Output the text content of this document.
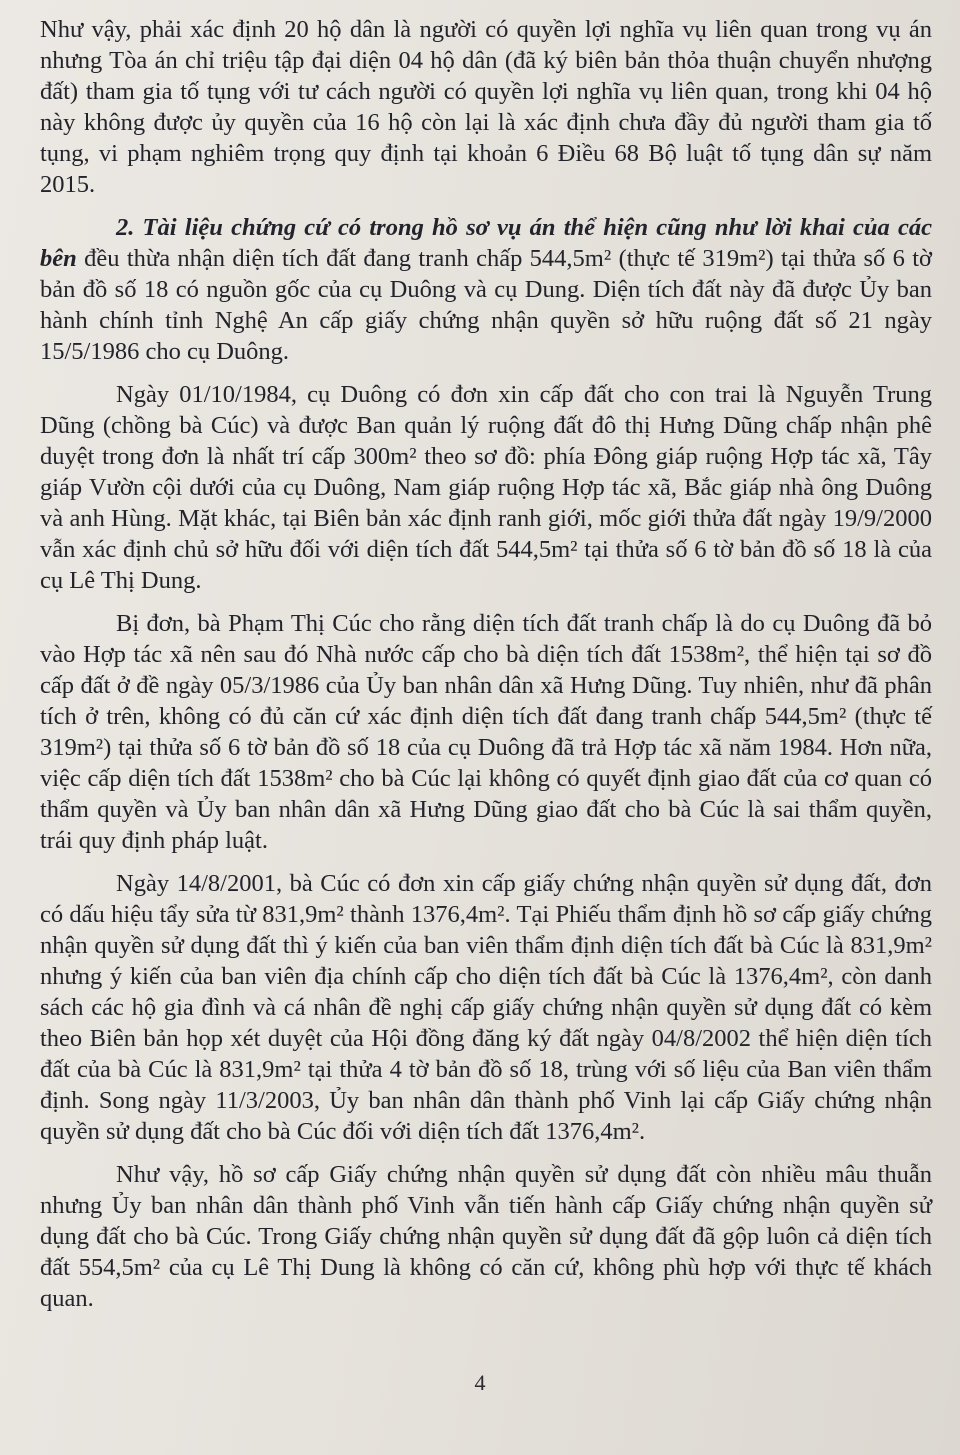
Như vậy, phải xác định 20 hộ dân là người có quyền lợi nghĩa vụ liên quan trong vụ án nhưng Tòa án chỉ triệu tập đại diện 04 hộ dân (đã ký biên bản thỏa thuận chuyển nhượng đất) tham gia tố tụng với tư cách người có quyền lợi nghĩa vụ liên quan, trong khi 04 hộ này không được ủy quyền của 16 hộ còn lại là xác định chưa đầy đủ người tham gia tố tụng, vi phạm nghiêm trọng quy định tại khoản 6 Điều 68 Bộ luật tố tụng dân sự năm 2015.

2. Tài liệu chứng cứ có trong hồ sơ vụ án thể hiện cũng như lời khai của các bên đều thừa nhận diện tích đất đang tranh chấp 544,5m² (thực tế 319m²) tại thửa số 6 tờ bản đồ số 18 có nguồn gốc của cụ Duông và cụ Dung. Diện tích đất này đã được Ủy ban hành chính tỉnh Nghệ An cấp giấy chứng nhận quyền sở hữu ruộng đất số 21 ngày 15/5/1986 cho cụ Duông.

Ngày 01/10/1984, cụ Duông có đơn xin cấp đất cho con trai là Nguyễn Trung Dũng (chồng bà Cúc) và được Ban quản lý ruộng đất đô thị Hưng Dũng chấp nhận phê duyệt trong đơn là nhất trí cấp 300m² theo sơ đồ: phía Đông giáp ruộng Hợp tác xã, Tây giáp Vườn cội dưới của cụ Duông, Nam giáp ruộng Hợp tác xã, Bắc giáp nhà ông Duông và anh Hùng. Mặt khác, tại Biên bản xác định ranh giới, mốc giới thửa đất ngày 19/9/2000 vẫn xác định chủ sở hữu đối với diện tích đất 544,5m² tại thửa số 6 tờ bản đồ số 18 là của cụ Lê Thị Dung.

Bị đơn, bà Phạm Thị Cúc cho rằng diện tích đất tranh chấp là do cụ Duông đã bỏ vào Hợp tác xã nên sau đó Nhà nước cấp cho bà diện tích đất 1538m², thể hiện tại sơ đồ cấp đất ở đề ngày 05/3/1986 của Ủy ban nhân dân xã Hưng Dũng. Tuy nhiên, như đã phân tích ở trên, không có đủ căn cứ xác định diện tích đất đang tranh chấp 544,5m² (thực tế 319m²) tại thửa số 6 tờ bản đồ số 18 của cụ Duông đã trả Hợp tác xã năm 1984. Hơn nữa, việc cấp diện tích đất 1538m² cho bà Cúc lại không có quyết định giao đất của cơ quan có thẩm quyền và Ủy ban nhân dân xã Hưng Dũng giao đất cho bà Cúc là sai thẩm quyền, trái quy định pháp luật.

Ngày 14/8/2001, bà Cúc có đơn xin cấp giấy chứng nhận quyền sử dụng đất, đơn có dấu hiệu tẩy sửa từ 831,9m² thành 1376,4m². Tại Phiếu thẩm định hồ sơ cấp giấy chứng nhận quyền sử dụng đất thì ý kiến của ban viên thẩm định diện tích đất bà Cúc là 831,9m² nhưng ý kiến của ban viên địa chính cấp cho diện tích đất bà Cúc là 1376,4m², còn danh sách các hộ gia đình và cá nhân đề nghị cấp giấy chứng nhận quyền sử dụng đất có kèm theo Biên bản họp xét duyệt của Hội đồng đăng ký đất ngày 04/8/2002 thể hiện diện tích đất của bà Cúc là 831,9m² tại thửa 4 tờ bản đồ số 18, trùng với số liệu của Ban viên thẩm định. Song ngày 11/3/2003, Ủy ban nhân dân thành phố Vinh lại cấp Giấy chứng nhận quyền sử dụng đất cho bà Cúc đối với diện tích đất 1376,4m².

Như vậy, hồ sơ cấp Giấy chứng nhận quyền sử dụng đất còn nhiều mâu thuẫn nhưng Ủy ban nhân dân thành phố Vinh vẫn tiến hành cấp Giấy chứng nhận quyền sử dụng đất cho bà Cúc. Trong Giấy chứng nhận quyền sử dụng đất đã gộp luôn cả diện tích đất 554,5m² của cụ Lê Thị Dung là không có căn cứ, không phù hợp với thực tế khách quan.

4
